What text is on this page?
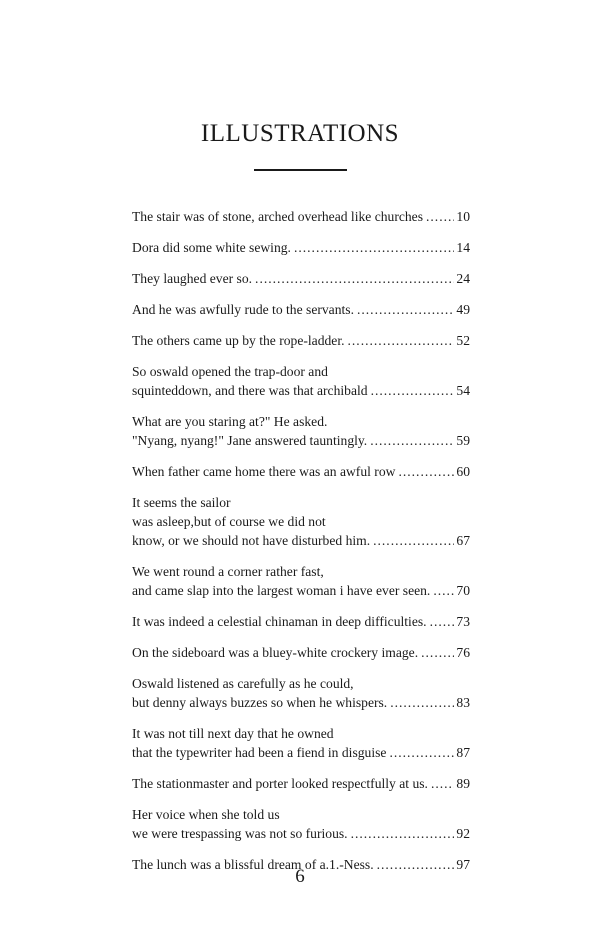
ILLUSTRATIONS
The stair was of stone, arched overhead like churches . . . 10
Dora did some white sewing. . . .	14
They laughed ever so. . . .	24
And he was awfully rude to the servants. . . .	49
The others came up by the rope-ladder. . . .	52
So oswald opened the trap-door and
squinteddown, and there was that archibald . . .	54
What are you staring at?" He asked.
"Nyang, nyang!" Jane answered tauntingly. . . .	59
When father came home there was an awful row . . .	60
It seems the sailor
was asleep,but of course we did not
know, or we should not have disturbed him. . . .	67
We went round a corner rather fast,
and came slap into the largest woman i have ever seen. . . . 70
It was indeed a celestial chinaman in deep difficulties. . . . 73
On the sideboard was a bluey-white crockery image. . . .	76
Oswald listened as carefully as he could,
but denny always buzzes so when he whispers. . . .	83
It was not till next day that he owned
that the typewriter had been a fiend in disguise . . .	87
The stationmaster and porter looked respectfully at us. . . . 89
Her voice when she told us
we were trespassing was not so furious. . . .	92
The lunch was a blissful dream of a.1.-Ness. . . .	97
6
